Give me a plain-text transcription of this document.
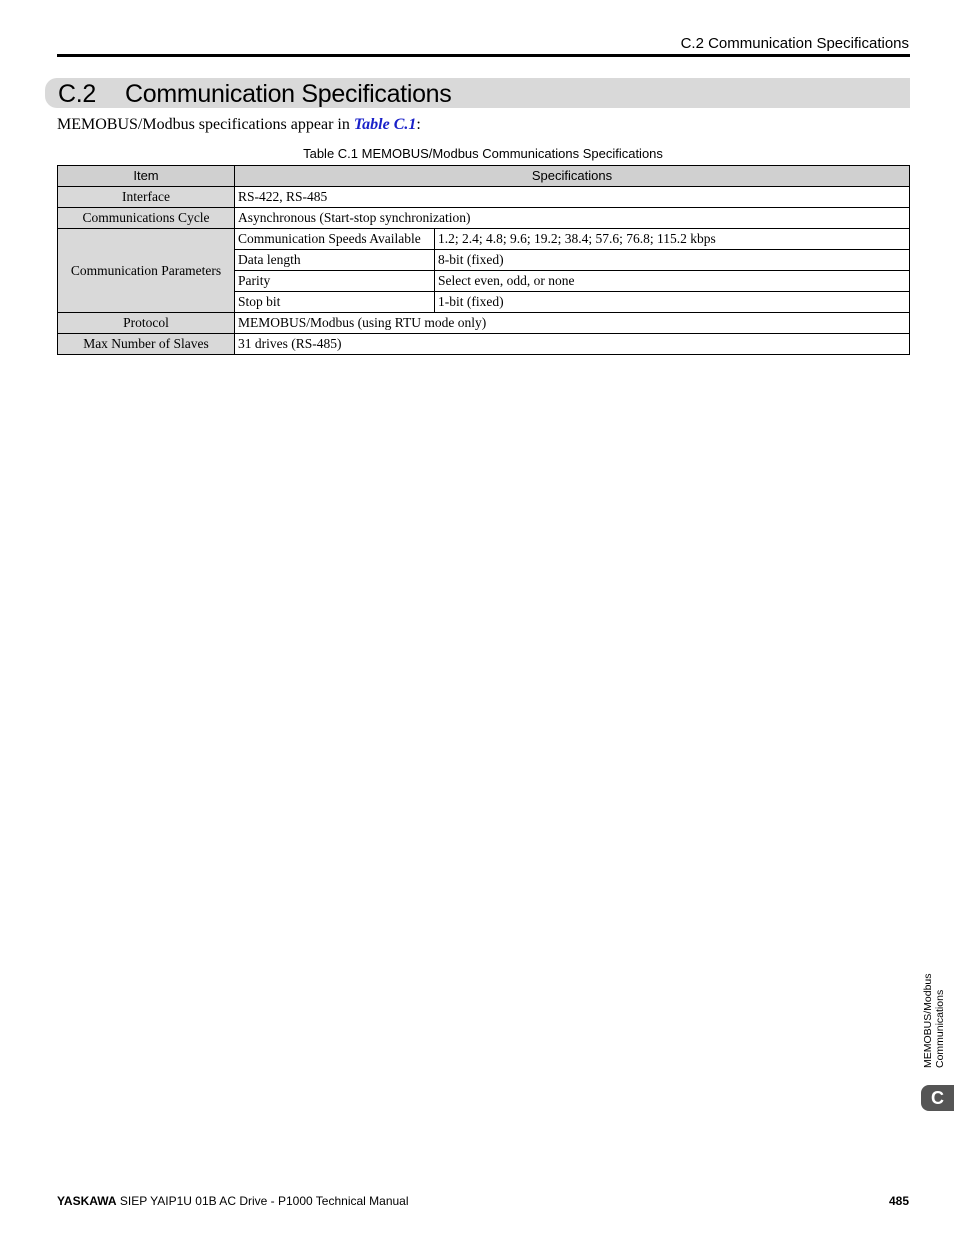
C.2 Communication Specifications
C.2 Communication Specifications
MEMOBUS/Modbus specifications appear in Table C.1:
Table C.1 MEMOBUS/Modbus Communications Specifications
Item	Specifications	
Interface	RS-422, RS-485	
Communications Cycle	Asynchronous (Start-stop synchronization)	
Communication Parameters	Communication Speeds Available	1.2; 2.4; 4.8; 9.6; 19.2; 38.4; 57.6; 76.8; 115.2 kbps
	Data length	8-bit (fixed)
	Parity	Select even, odd, or none
	Stop bit	1-bit (fixed)
Protocol	MEMOBUS/Modbus (using RTU mode only)	
Max Number of Slaves	31 drives (RS-485)	
MEMOBUS/Modbus Communications
C
YASKAWA SIEP YAIP1U 01B AC Drive - P1000 Technical Manual	485
